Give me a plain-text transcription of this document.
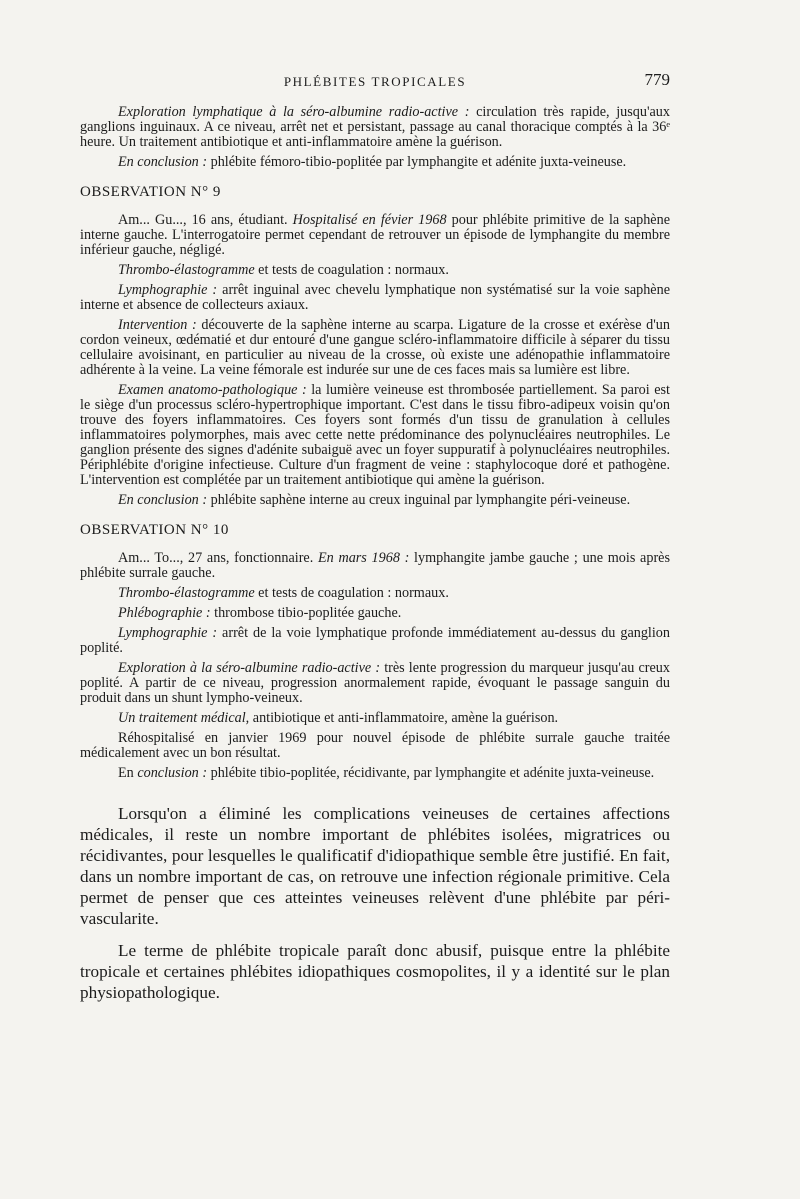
PHLÉBITES TROPICALES	779

Exploration lymphatique à la séro-albumine radio-active : circulation très rapide, jusqu'aux ganglions inguinaux. A ce niveau, arrêt net et persistant, passage au canal thoracique comptés à la 36ᵉ heure. Un traitement antibiotique et anti-inflammatoire amène la guérison.

En conclusion : phlébite fémoro-tibio-poplitée par lymphangite et adénite juxta-veineuse.

OBSERVATION N° 9

Am... Gu..., 16 ans, étudiant. Hospitalisé en févier 1968 pour phlébite primitive de la saphène interne gauche. L'interrogatoire permet cependant de retrouver un épisode de lymphangite du membre inférieur gauche, négligé.

Thrombo-élastogramme et tests de coagulation : normaux.

Lymphographie : arrêt inguinal avec chevelu lymphatique non systématisé sur la voie saphène interne et absence de collecteurs axiaux.

Intervention : découverte de la saphène interne au scarpa. Ligature de la crosse et exérèse d'un cordon veineux, œdématié et dur entouré d'une gangue scléro-inflammatoire difficile à séparer du tissu cellulaire avoisinant, en particulier au niveau de la crosse, où existe une adénopathie inflammatoire adhérente à la veine. La veine fémorale est indurée sur une de ces faces mais sa lumière est libre.

Examen anatomo-pathologique : la lumière veineuse est thrombosée partiellement. Sa paroi est le siège d'un processus scléro-hypertrophique important. C'est dans le tissu fibro-adipeux voisin qu'on trouve des foyers inflammatoires. Ces foyers sont formés d'un tissu de granulation à cellules inflammatoires polymorphes, mais avec cette nette prédominance des polynucléaires neutrophiles. Le ganglion présente des signes d'adénite subaiguë avec un foyer suppuratif à polynucléaires neutrophiles. Périphlébite d'origine infectieuse. Culture d'un fragment de veine : staphylocoque doré et pathogène. L'intervention est complétée par un traitement antibiotique qui amène la guérison.

En conclusion : phlébite saphène interne au creux inguinal par lymphangite péri-veineuse.

OBSERVATION N° 10

Am... To..., 27 ans, fonctionnaire. En mars 1968 : lymphangite jambe gauche ; une mois après phlébite surrale gauche.

Thrombo-élastogramme et tests de coagulation : normaux.

Phlébographie : thrombose tibio-poplitée gauche.

Lymphographie : arrêt de la voie lymphatique profonde immédiatement au-dessus du ganglion poplité.

Exploration à la séro-albumine radio-active : très lente progression du marqueur jusqu'au creux poplité. A partir de ce niveau, progression anormalement rapide, évoquant le passage sanguin du produit dans un shunt lympho-veineux.

Un traitement médical, antibiotique et anti-inflammatoire, amène la guérison.

Réhospitalisé en janvier 1969 pour nouvel épisode de phlébite surrale gauche traitée médicalement avec un bon résultat.

En conclusion : phlébite tibio-poplitée, récidivante, par lymphangite et adénite juxta-veineuse.

Lorsqu'on a éliminé les complications veineuses de certaines affections médicales, il reste un nombre important de phlébites isolées, migratrices ou récidivantes, pour lesquelles le qualificatif d'idiopathique semble être justifié. En fait, dans un nombre important de cas, on retrouve une infection régionale primitive. Cela permet de penser que ces atteintes veineuses relèvent d'une phlébite par péri-vascularite.

Le terme de phlébite tropicale paraît donc abusif, puisque entre la phlébite tropicale et certaines phlébites idiopathiques cosmopolites, il y a identité sur le plan physiopathologique.
